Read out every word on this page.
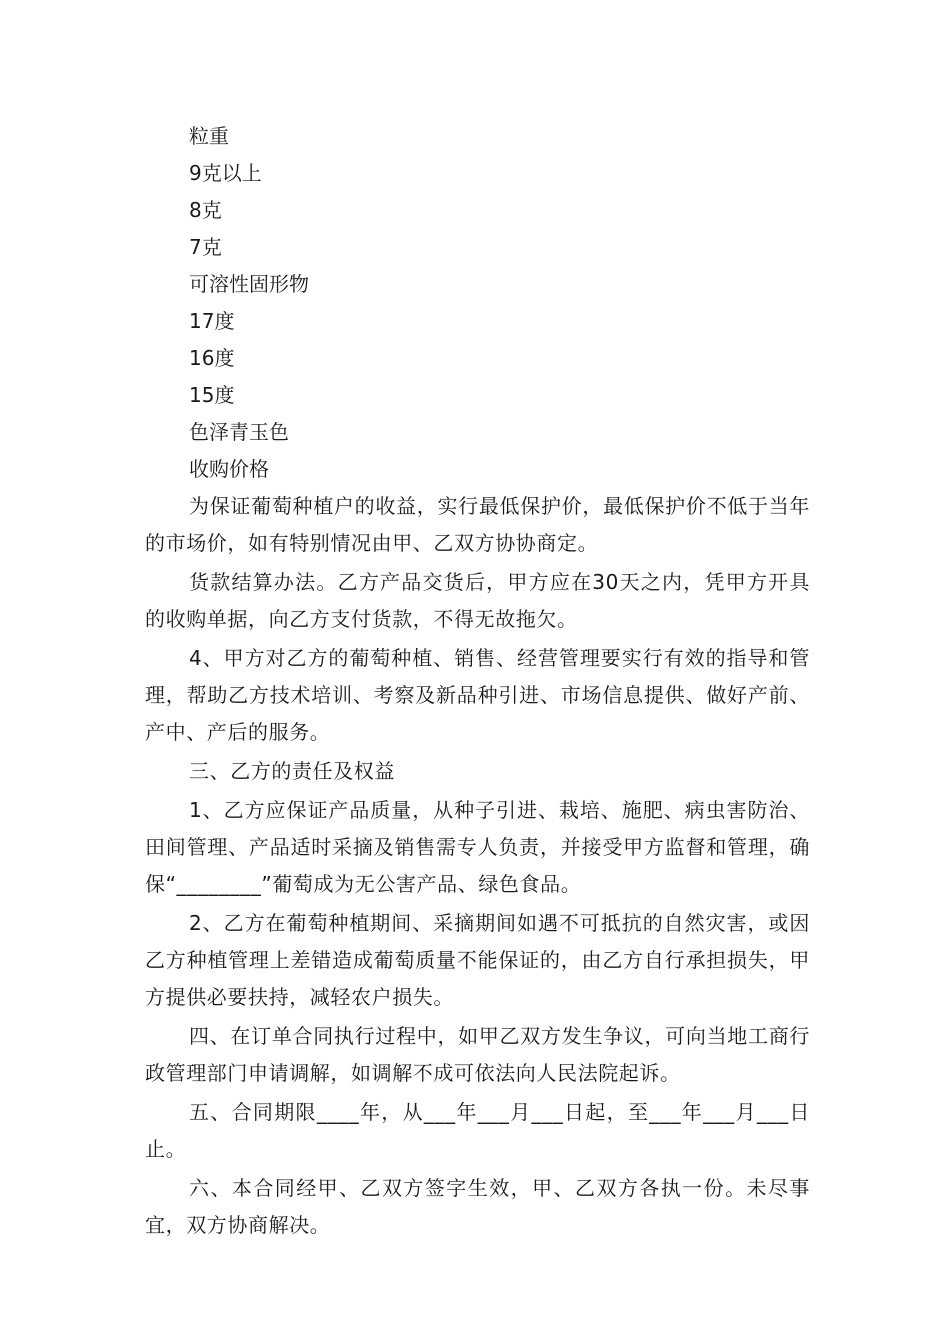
粒重

9克以上

8克

7克

可溶性固形物

17度

16度

15度

色泽青玉色

收购价格

为保证葡萄种植户的收益，实行最低保护价，最低保护价不低于当年的市场价，如有特别情况由甲、乙双方协协商定。

货款结算办法。乙方产品交货后，甲方应在30天之内，凭甲方开具的收购单据，向乙方支付货款，不得无故拖欠。

4、甲方对乙方的葡萄种植、销售、经营管理要实行有效的指导和管理，帮助乙方技术培训、考察及新品种引进、市场信息提供、做好产前、产中、产后的服务。

三、乙方的责任及权益

1、乙方应保证产品质量，从种子引进、栽培、施肥、病虫害防治、田间管理、产品适时采摘及销售需专人负责，并接受甲方监督和管理，确保“________”葡萄成为无公害产品、绿色食品。

2、乙方在葡萄种植期间、采摘期间如遇不可抵抗的自然灾害，或因乙方种植管理上差错造成葡萄质量不能保证的，由乙方自行承担损失，甲方提供必要扶持，减轻农户损失。

四、在订单合同执行过程中，如甲乙双方发生争议，可向当地工商行政管理部门申请调解，如调解不成可依法向人民法院起诉。

五、合同期限____年，从___年___月___日起，至___年___月___日止。

六、本合同经甲、乙双方签字生效，甲、乙双方各执一份。未尽事宜，双方协商解决。
